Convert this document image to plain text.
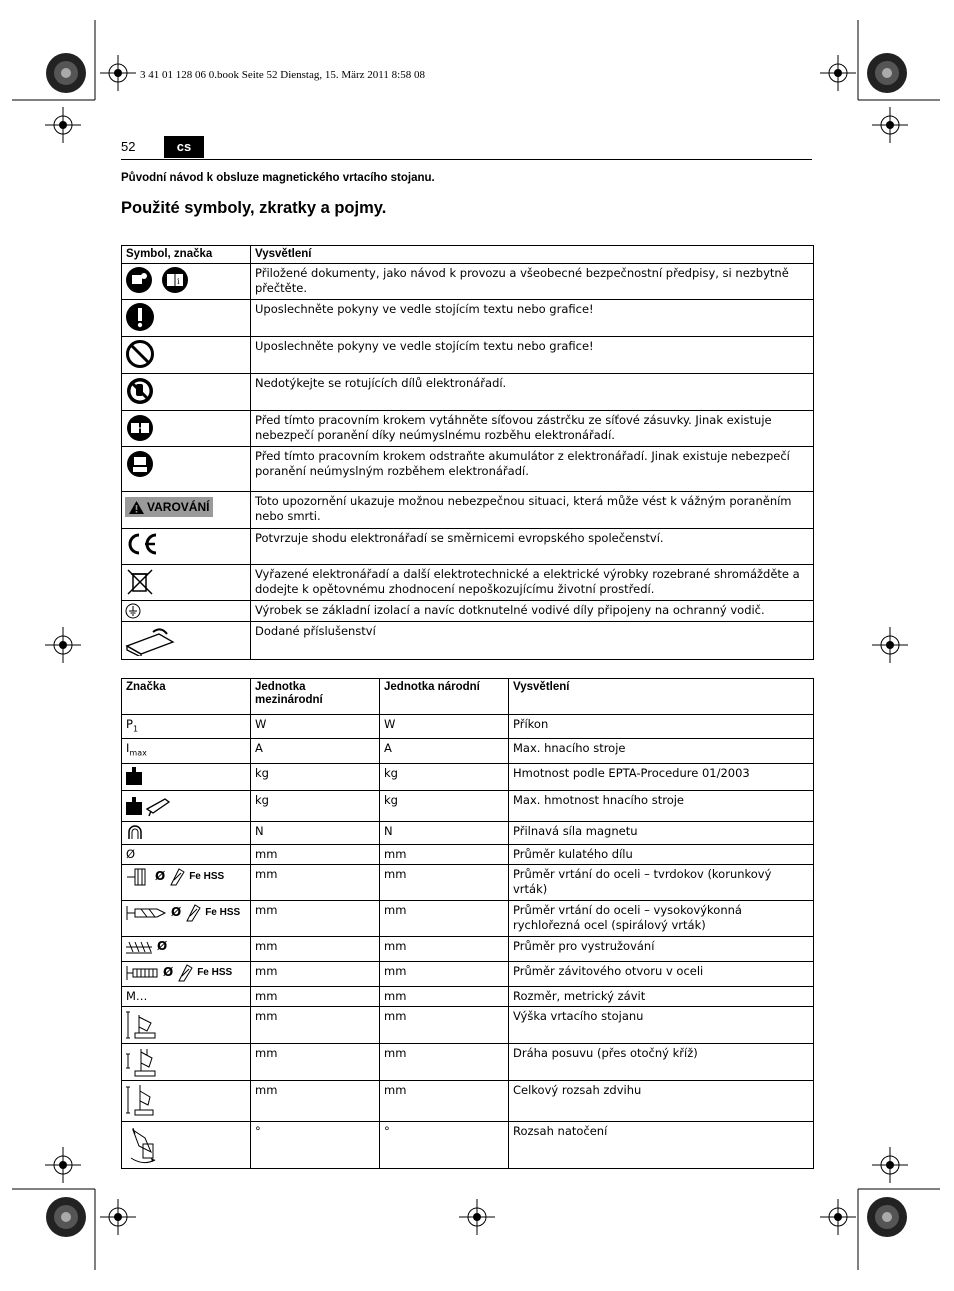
3 41 01 128 06 0.book Seite 52 Dienstag, 15. März 2011 8:58 08
52	cs
Původní návod k obsluze magnetického vrtacího stojanu.
Použité symboly, zkratky a pojmy.
Symbol, značka	Vysvětlení

i	Přiložené dokumenty, jako návod k provozu a všeobecné bezpečnostní předpisy, si nezbytně přečtěte.

	Uposlechněte pokyny ve vedle stojícím textu nebo grafice!

	Uposlechněte pokyny ve vedle stojícím textu nebo grafice!

	Nedotýkejte se rotujících dílů elektronářadí.

	Před tímto pracovním krokem vytáhněte síťovou zástrčku ze síťové zásuvky. Jinak existuje nebezpečí poranění díky neúmyslnému rozběhu elektronářadí.

	Před tímto pracovním krokem odstraňte akumulátor z elektronářadí. Jinak existuje nebezpečí poranění neúmyslným rozběhem elektronářadí.

VAROVÁNÍ	Toto upozornění ukazuje možnou nebezpečnou situaci, která může vést k vážným poraněním nebo smrti.

	Potvrzuje shodu elektronářadí se směrnicemi evropského společenství.

	Vyřazené elektronářadí a další elektrotechnické a elektrické výrobky rozebrané shromážděte a dodejte k opětovnému zhodnocení nepoškozujícímu životní prostředí.

	Výrobek se základní izolací a navíc dotknutelné vodivé díly připojeny na ochranný vodič.

	Dodané příslušenství
Značka	Jednotka mezinárodní	Jednotka národní	Vysvětlení
$P_1$	W	W	Příkon
$I_{max}$	A	A	Max. hnacího stroje

	kg	kg	Hmotnost podle EPTA-Procedure 01/2003

	kg	kg	Max. hmotnost hnacího stroje

	N	N	Přilnavá síla magnetu
Ø	mm	mm	Průměr kulatého dílu

Ø Fe HSS	mm	mm	Průměr vrtání do oceli – tvrdokov (korunkový vrták)

Ø Fe HSS	mm	mm	Průměr vrtání do oceli – vysokovýkonná rychlořezná ocel (spirálový vrták)

Ø	mm	mm	Průměr pro vystružování

Ø Fe HSS	mm	mm	Průměr závitového otvoru v oceli
M…	mm	mm	Rozměr, metrický závit

	mm	mm	Výška vrtacího stojanu

	mm	mm	Dráha posuvu (přes otočný kříž)

	mm	mm	Celkový rozsah zdvihu

	°	°	Rozsah natočení
